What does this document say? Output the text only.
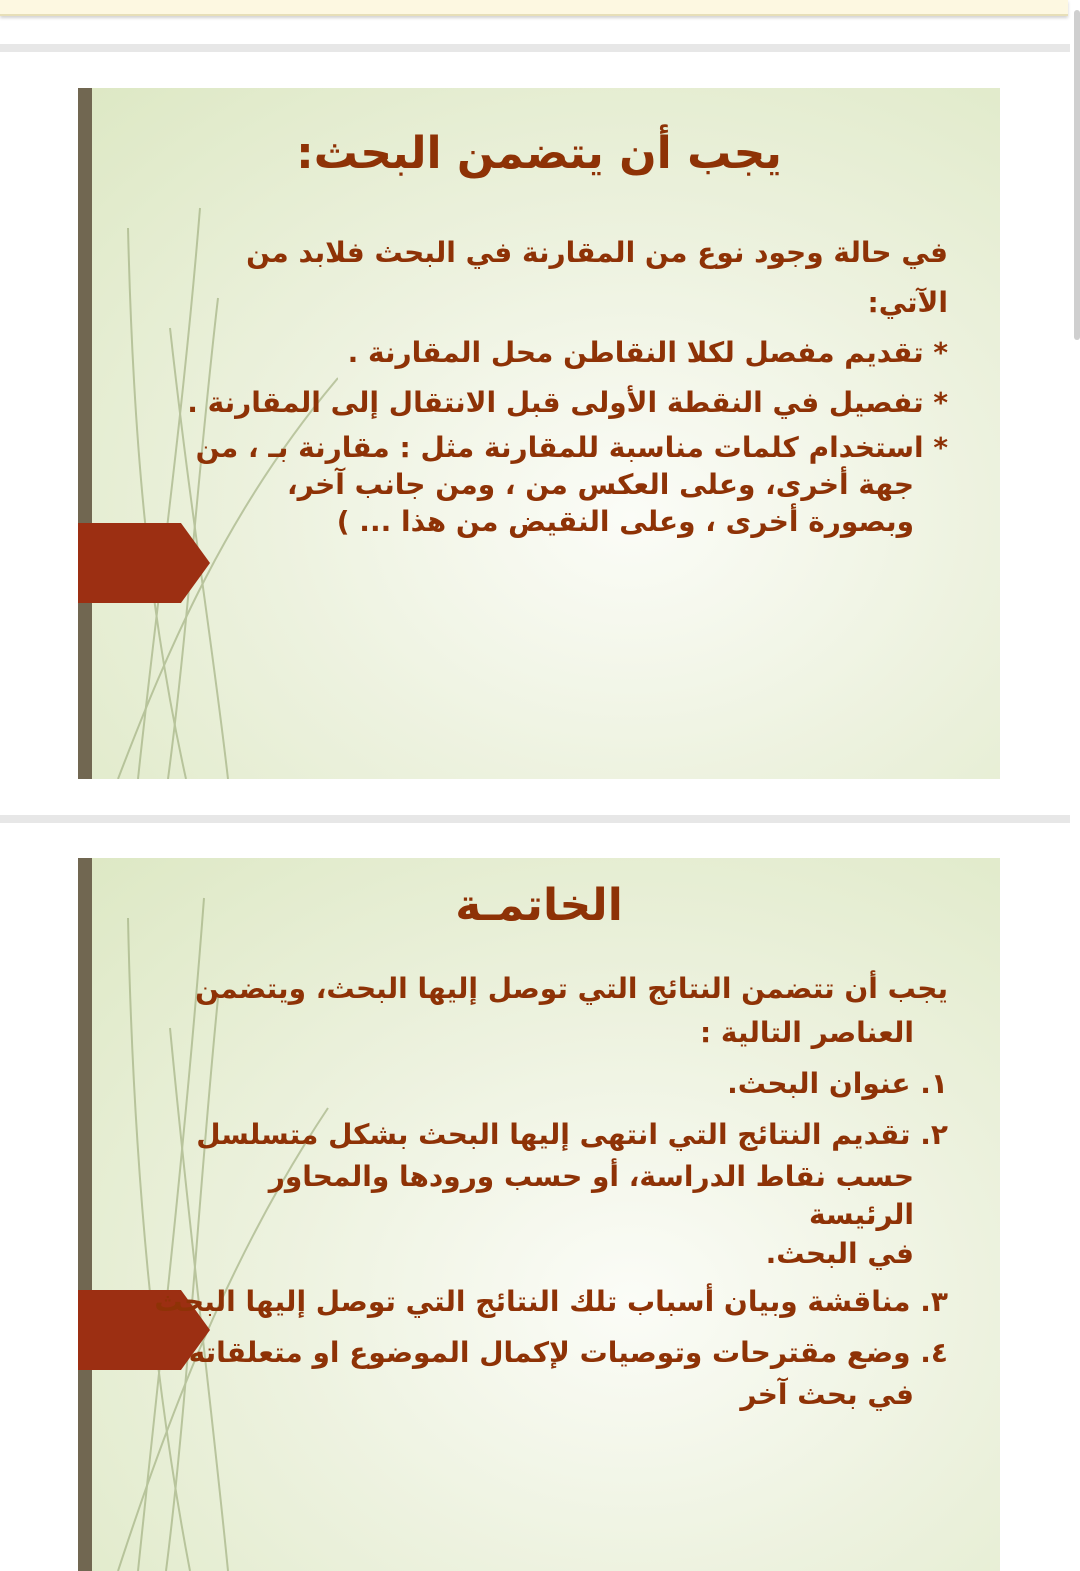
يجب أن يتضمن البحث:

في حالة وجود نوع من المقارنة في البحث فلابد من الآتي:

* تقديم مفصل لكلا النقاطن محل المقارنة .

* تفصيل في النقطة الأولى قبل الانتقال إلى المقارنة .

* استخدام كلمات مناسبة للمقارنة مثل : مقارنة بـ ، من

جهة أخرى، وعلى العكس من ، ومن جانب آخر،

وبصورة أخرى ، وعلى النقيض من هذا ... )

الخاتمـة

يجب أن تتضمن النتائج التي توصل إليها البحث، ويتضمن

العناصر التالية :

١. عنوان البحث.

٢. تقديم النتائج التي انتهى إليها البحث بشكل متسلسل

حسب نقاط الدراسة، أو حسب ورودها والمحاور الرئيسة

في البحث.

٣. مناقشة وبيان أسباب تلك النتائج التي توصل إليها البحث

٤. وضع مقترحات وتوصيات لإكمال الموضوع او متعلقاته

في بحث آخر
